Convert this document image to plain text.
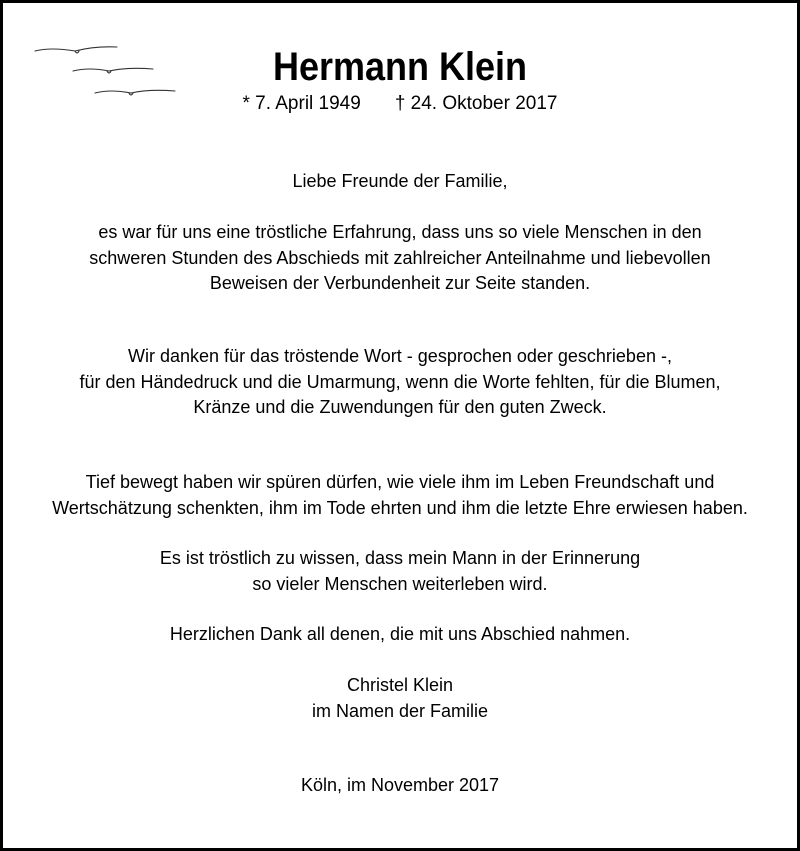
Hermann Klein
* 7. April 1949 † 24. Oktober 2017
Liebe Freunde der Familie,
es war für uns eine tröstliche Erfahrung, dass uns so viele Menschen in den
schweren Stunden des Abschieds mit zahlreicher Anteilnahme und liebevollen
Beweisen der Verbundenheit zur Seite standen.
Wir danken für das tröstende Wort - gesprochen oder geschrieben -,
für den Händedruck und die Umarmung, wenn die Worte fehlten, für die Blumen,
Kränze und die Zuwendungen für den guten Zweck.
Tief bewegt haben wir spüren dürfen, wie viele ihm im Leben Freundschaft und
Wertschätzung schenkten, ihm im Tode ehrten und ihm die letzte Ehre erwiesen haben.
Es ist tröstlich zu wissen, dass mein Mann in der Erinnerung
so vieler Menschen weiterleben wird.
Herzlichen Dank all denen, die mit uns Abschied nahmen.
Christel Klein
im Namen der Familie
Köln, im November 2017
